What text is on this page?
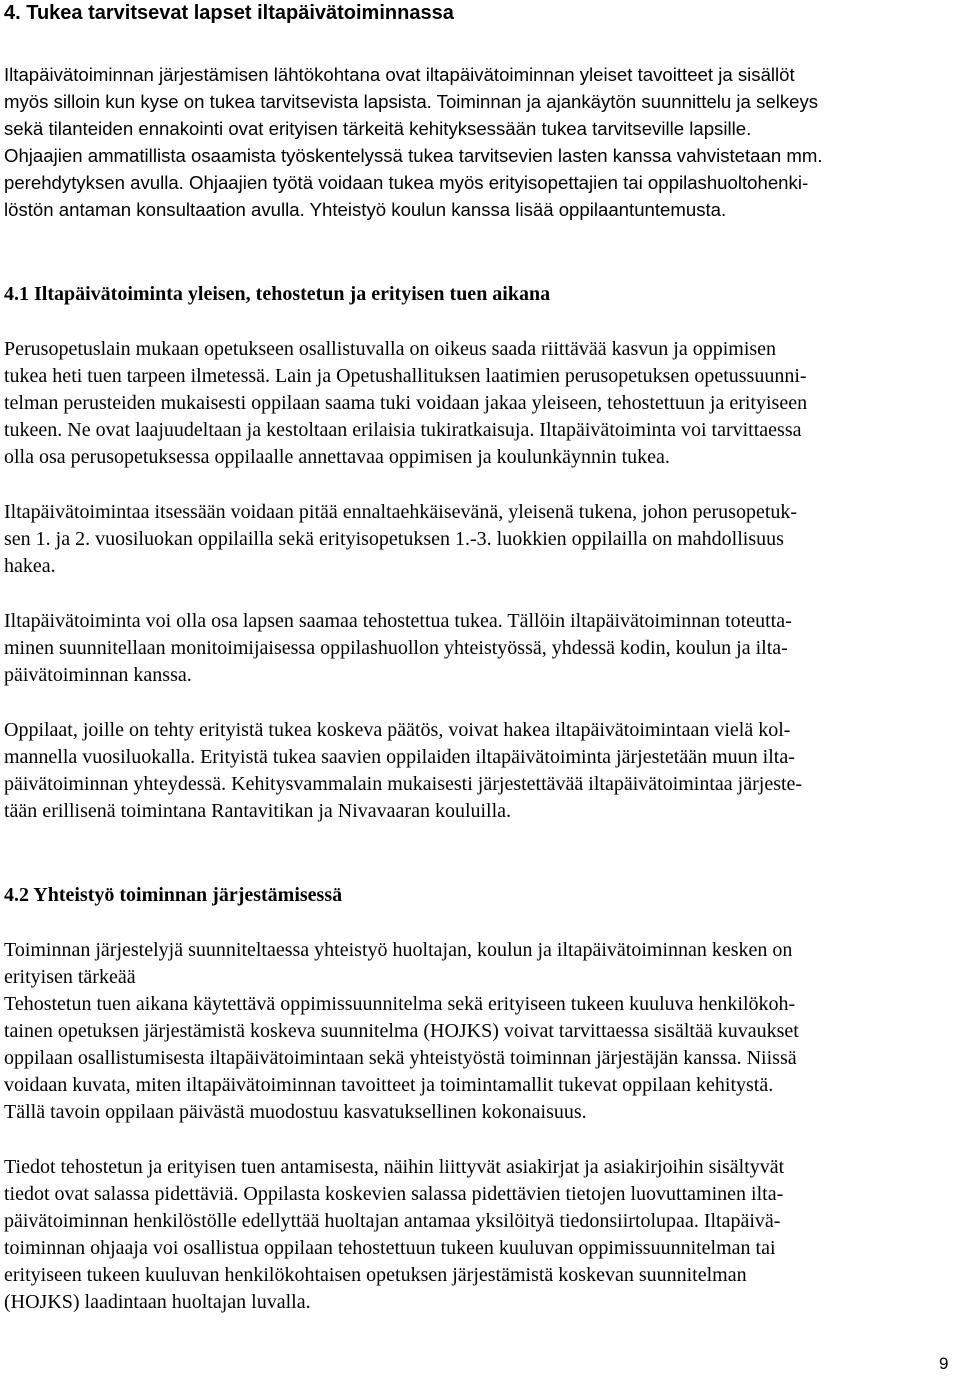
4. Tukea tarvitsevat lapset iltapäivätoiminnassa
Iltapäivätoiminnan järjestämisen lähtökohtana ovat iltapäivätoiminnan yleiset tavoitteet ja sisällöt
myös silloin kun kyse on tukea tarvitsevista lapsista. Toiminnan ja ajankäytön suunnittelu ja selkeys
sekä tilanteiden ennakointi ovat erityisen tärkeitä kehityksessään tukea tarvitseville lapsille.
Ohjaajien ammatillista osaamista työskentelyssä tukea tarvitsevien lasten kanssa vahvistetaan mm.
perehdytyksen avulla. Ohjaajien työtä voidaan tukea myös erityisopettajien tai oppilashuoltohenki-
löstön antaman konsultaation avulla. Yhteistyö koulun kanssa lisää oppilaantuntemusta.
4.1 Iltapäivätoiminta yleisen, tehostetun ja erityisen tuen aikana
Perusopetuslain mukaan opetukseen osallistuvalla on oikeus saada riittävää kasvun ja oppimisen
tukea heti tuen tarpeen ilmetessä. Lain ja Opetushallituksen laatimien perusopetuksen opetussuunni-
telman perusteiden mukaisesti oppilaan saama tuki voidaan jakaa yleiseen, tehostettuun ja erityiseen
tukeen. Ne ovat laajuudeltaan ja kestoltaan erilaisia tukiratkaisuja. Iltapäivätoiminta voi tarvittaessa
olla osa perusopetuksessa oppilaalle annettavaa oppimisen ja koulunkäynnin tukea.
Iltapäivätoimintaa itsessään voidaan pitää ennaltaehkäisevänä, yleisenä tukena, johon perusopetuk-
sen 1. ja 2. vuosiluokan oppilailla sekä erityisopetuksen 1.-3. luokkien oppilailla on mahdollisuus
hakea.
Iltapäivätoiminta voi olla osa lapsen saamaa tehostettua tukea. Tällöin iltapäivätoiminnan toteutta-
minen suunnitellaan monitoimijaisessa oppilashuollon yhteistyössä, yhdessä kodin, koulun ja ilta-
päivätoiminnan kanssa.
Oppilaat, joille on tehty erityistä tukea koskeva päätös, voivat hakea iltapäivätoimintaan vielä kol-
mannella vuosiluokalla. Erityistä tukea saavien oppilaiden iltapäivätoiminta järjestetään muun ilta-
päivätoiminnan yhteydessä. Kehitysvammalain mukaisesti järjestettävää iltapäivätoimintaa järjeste-
tään erillisenä toimintana Rantavitikan ja Nivavaaran kouluilla.
4.2 Yhteistyö toiminnan järjestämisessä
Toiminnan järjestelyjä suunniteltaessa yhteistyö huoltajan, koulun ja iltapäivätoiminnan kesken on
erityisen tärkeää
Tehostetun tuen aikana käytettävä oppimissuunnitelma sekä erityiseen tukeen kuuluva henkilökoh-
tainen opetuksen järjestämistä koskeva suunnitelma (HOJKS) voivat tarvittaessa sisältää kuvaukset
oppilaan osallistumisesta iltapäivätoimintaan sekä yhteistyöstä toiminnan järjestäjän kanssa. Niissä
voidaan kuvata, miten iltapäivätoiminnan tavoitteet ja toimintamallit tukevat oppilaan kehitystä.
Tällä tavoin oppilaan päivästä muodostuu kasvatuksellinen kokonaisuus.
Tiedot tehostetun ja erityisen tuen antamisesta, näihin liittyvät asiakirjat ja asiakirjoihin sisältyvät
tiedot ovat salassa pidettäviä. Oppilasta koskevien salassa pidettävien tietojen luovuttaminen ilta-
päivätoiminnan henkilöstölle edellyttää huoltajan antamaa yksilöityä tiedonsiirtolupaa. Iltapäivä-
toiminnan ohjaaja voi osallistua oppilaan tehostettuun tukeen kuuluvan oppimissuunnitelman tai
erityiseen tukeen kuuluvan henkilökohtaisen opetuksen järjestämistä koskevan suunnitelman
(HOJKS) laadintaan huoltajan luvalla.
9
